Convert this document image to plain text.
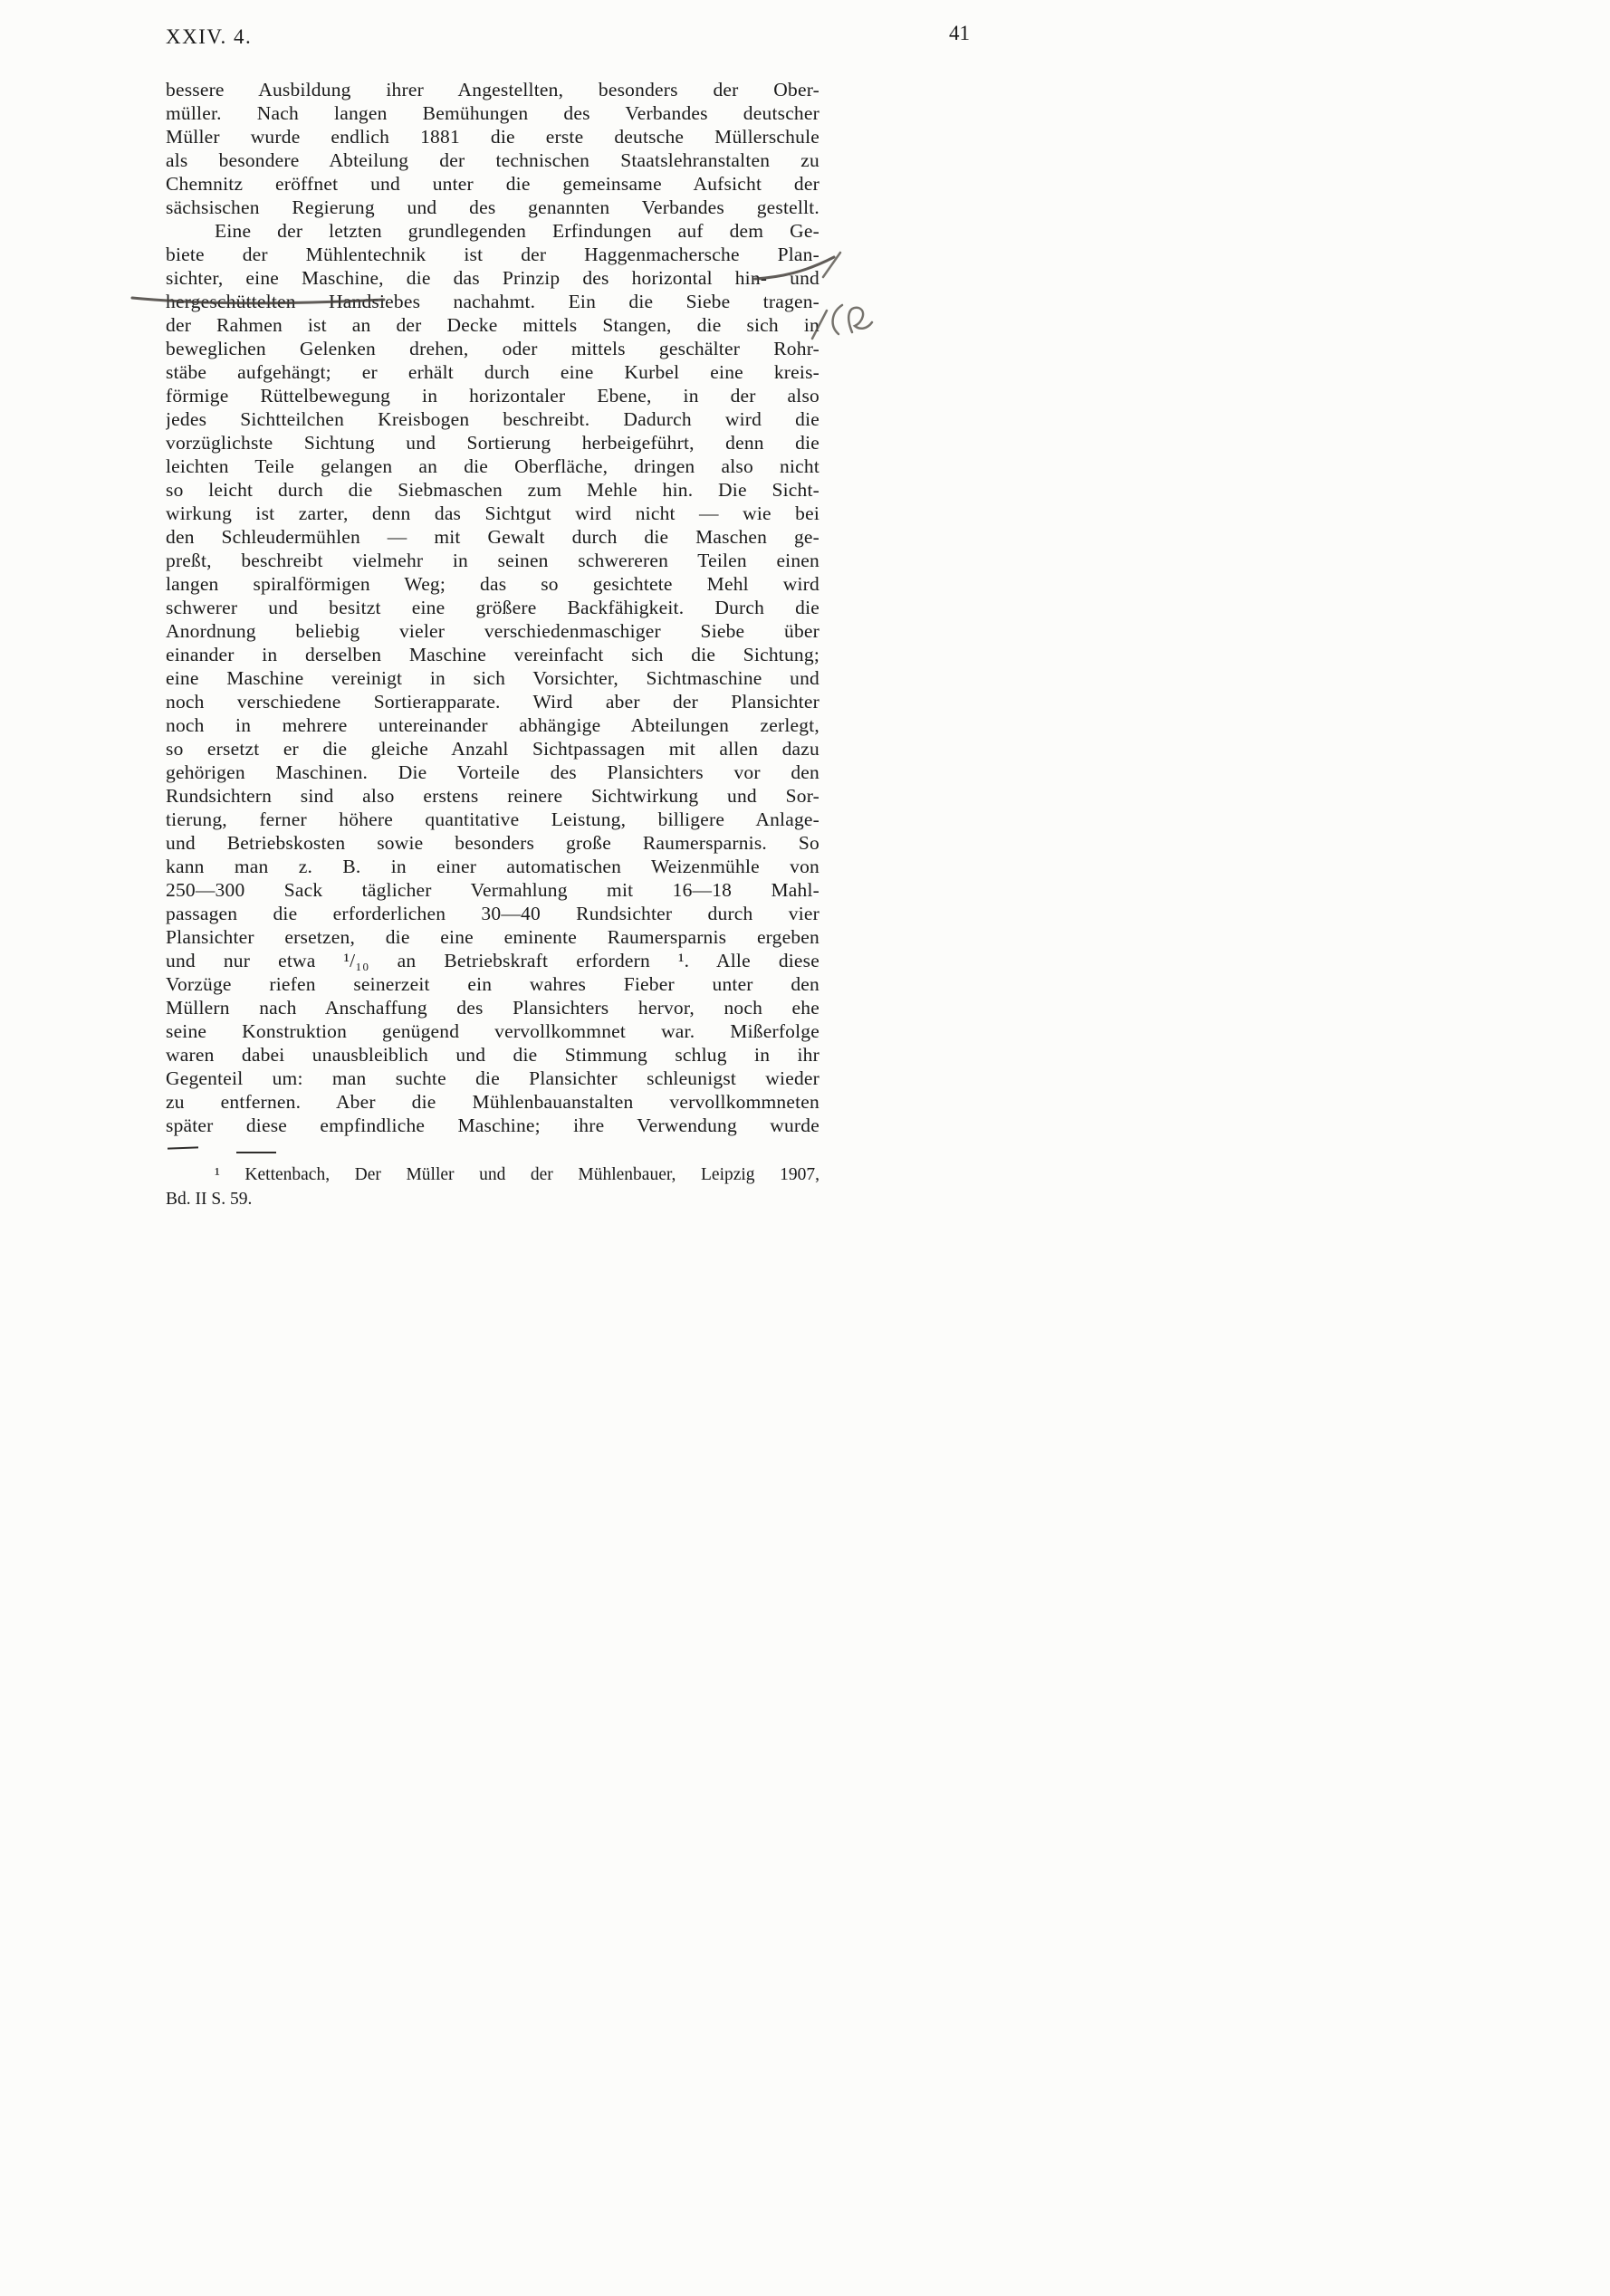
XXIV. 4.	41
bessere Ausbildung ihrer Angestellten, besonders der Ober-
müller. Nach langen Bemühungen des Verbandes deutscher
Müller wurde endlich 1881 die erste deutsche Müllerschule
als besondere Abteilung der technischen Staatslehranstalten zu
Chemnitz eröffnet und unter die gemeinsame Aufsicht der
sächsischen Regierung und des genannten Verbandes gestellt.
Eine der letzten grundlegenden Erfindungen auf dem Ge-
biete der Mühlentechnik ist der Haggenmachersche Plan-
sichter, eine Maschine, die das Prinzip des horizontal hin- und
hergeschüttelten Handsiebes nachahmt. Ein die Siebe tragen-
der Rahmen ist an der Decke mittels Stangen, die sich in
beweglichen Gelenken drehen, oder mittels geschälter Rohr-
stäbe aufgehängt; er erhält durch eine Kurbel eine kreis-
förmige Rüttelbewegung in horizontaler Ebene, in der also
jedes Sichtteilchen Kreisbogen beschreibt. Dadurch wird die
vorzüglichste Sichtung und Sortierung herbeigeführt, denn die
leichten Teile gelangen an die Oberfläche, dringen also nicht
so leicht durch die Siebmaschen zum Mehle hin. Die Sicht-
wirkung ist zarter, denn das Sichtgut wird nicht — wie bei
den Schleudermühlen — mit Gewalt durch die Maschen ge-
preßt, beschreibt vielmehr in seinen schwereren Teilen einen
langen spiralförmigen Weg; das so gesichtete Mehl wird
schwerer und besitzt eine größere Backfähigkeit. Durch die
Anordnung beliebig vieler verschiedenmaschiger Siebe über
einander in derselben Maschine vereinfacht sich die Sichtung;
eine Maschine vereinigt in sich Vorsichter, Sichtmaschine und
noch verschiedene Sortierapparate. Wird aber der Plansichter
noch in mehrere untereinander abhängige Abteilungen zerlegt,
so ersetzt er die gleiche Anzahl Sichtpassagen mit allen dazu
gehörigen Maschinen. Die Vorteile des Plansichters vor den
Rundsichtern sind also erstens reinere Sichtwirkung und Sor-
tierung, ferner höhere quantitative Leistung, billigere Anlage-
und Betriebskosten sowie besonders große Raumersparnis. So
kann man z. B. in einer automatischen Weizenmühle von
250—300 Sack täglicher Vermahlung mit 16—18 Mahl-
passagen die erforderlichen 30—40 Rundsichter durch vier
Plansichter ersetzen, die eine eminente Raumersparnis ergeben
und nur etwa ¹/₁₀ an Betriebskraft erfordern ¹. Alle diese
Vorzüge riefen seinerzeit ein wahres Fieber unter den
Müllern nach Anschaffung des Plansichters hervor, noch ehe
seine Konstruktion genügend vervollkommnet war. Mißerfolge
waren dabei unausbleiblich und die Stimmung schlug in ihr
Gegenteil um: man suchte die Plansichter schleunigst wieder
zu entfernen. Aber die Mühlenbauanstalten vervollkommneten
später diese empfindliche Maschine; ihre Verwendung wurde
¹ Kettenbach, Der Müller und der Mühlenbauer, Leipzig 1907,
Bd. II S. 59.
